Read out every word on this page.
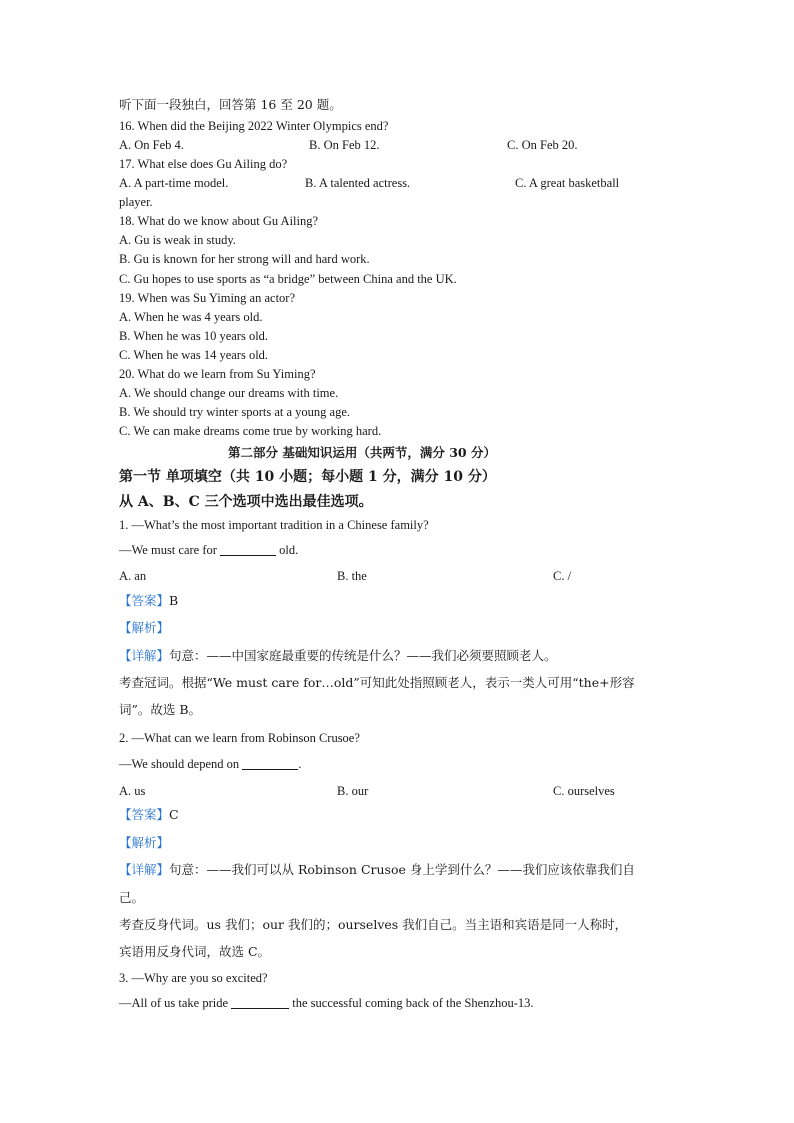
听下面一段独白，回答第 16 至 20 题。
16. When did the Beijing 2022 Winter Olympics end?
A. On Feb 4.	B. On Feb 12.	C. On Feb 20.
17. What else does Gu Ailing do?
A. A part-time model.	B. A talented actress.	C. A great basketball
player.
18. What do we know about Gu Ailing?
A. Gu is weak in study.
B. Gu is known for her strong will and hard work.
C. Gu hopes to use sports as “a bridge” between China and the UK.
19. When was Su Yiming an actor?
A. When he was 4 years old.
B. When he was 10 years old.
C. When he was 14 years old.
20. What do we learn from Su Yiming?
A. We should change our dreams with time.
B. We should try winter sports at a young age.
C. We can make dreams come true by working hard.
第二部分 基础知识运用（共两节，满分 30 分）
第一节 单项填空（共 10 小题；每小题 1 分，满分 10 分）
从 A、B、C 三个选项中选出最佳选项。
1. —What’s the most important tradition in a Chinese family?
—We must care for	old.
A. an	B. the	C. /
【答案】B
【解析】
【详解】句意：——中国家庭最重要的传统是什么？——我们必须要照顾老人。
考查冠词。根据“We must care for…old”可知此处指照顾老人，表示一类人可用“the+形容
词”。故选 B。
2. —What can we learn from Robinson Crusoe?
—We should depend on	.
A. us	B. our	C. ourselves
【答案】C
【解析】
【详解】句意：——我们可以从 Robinson Crusoe 身上学到什么？——我们应该依靠我们自
己。
考查反身代词。us 我们；our 我们的；ourselves 我们自己。当主语和宾语是同一人称时，
宾语用反身代词，故选 C。
3. —Why are you so excited?
—All of us take pride	the successful coming back of the Shenzhou-13.
